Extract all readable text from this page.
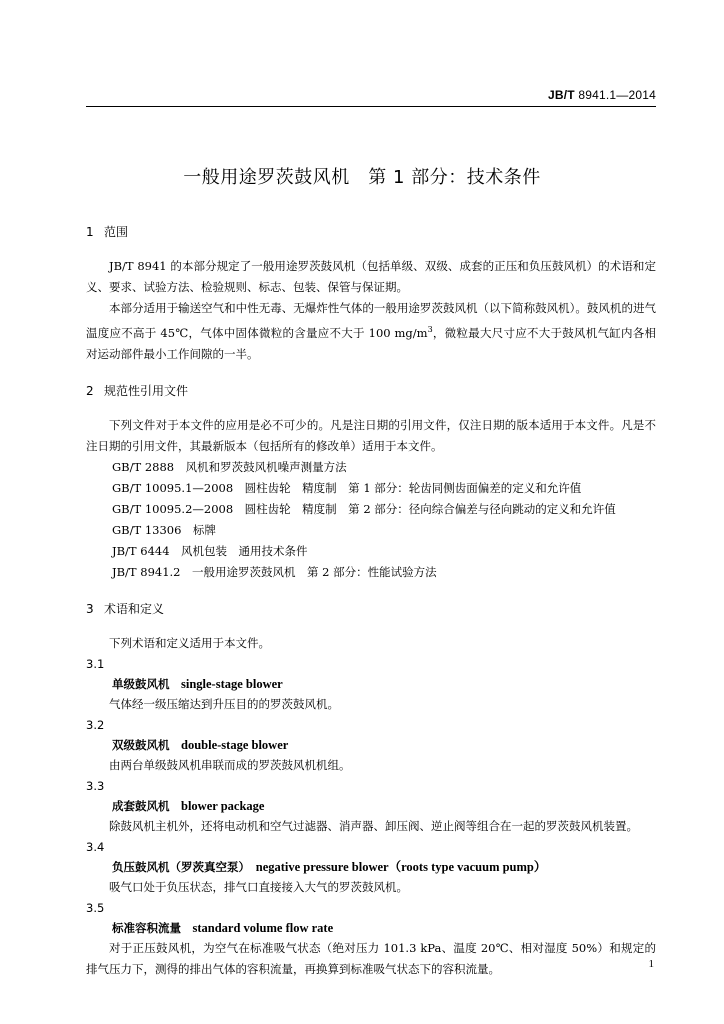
JB/T 8941.1—2014
一般用途罗茨鼓风机　第 1 部分：技术条件
1 范围

JB/T 8941 的本部分规定了一般用途罗茨鼓风机（包括单级、双级、成套的正压和负压鼓风机）的术语和定义、要求、试验方法、检验规则、标志、包装、保管与保证期。

本部分适用于输送空气和中性无毒、无爆炸性气体的一般用途罗茨鼓风机（以下简称鼓风机）。鼓风机的进气温度应不高于 45℃，气体中固体微粒的含量应不大于 100 $mg/m^3$，微粒最大尺寸应不大于鼓风机气缸内各相对运动部件最小工作间隙的一半。

2 规范性引用文件

下列文件对于本文件的应用是必不可少的。凡是注日期的引用文件，仅注日期的版本适用于本文件。凡是不注日期的引用文件，其最新版本（包括所有的修改单）适用于本文件。

GB/T 2888　风机和罗茨鼓风机噪声测量方法
GB/T 10095.1—2008　圆柱齿轮　精度制　第 1 部分：轮齿同侧齿面偏差的定义和允许值
GB/T 10095.2—2008　圆柱齿轮　精度制　第 2 部分：径向综合偏差与径向跳动的定义和允许值
GB/T 13306　标牌
JB/T 6444　风机包装　通用技术条件
JB/T 8941.2　一般用途罗茨鼓风机　第 2 部分：性能试验方法
3 术语和定义

下列术语和定义适用于本文件。

3.1
单级鼓风机　 single-stage blower

气体经一级压缩达到升压目的的罗茨鼓风机。

3.2
双级鼓风机　 double-stage blower

由两台单级鼓风机串联而成的罗茨鼓风机机组。

3.3
成套鼓风机　 blower package

除鼓风机主机外，还将电动机和空气过滤器、消声器、卸压阀、逆止阀等组合在一起的罗茨鼓风机装置。

3.4
负压鼓风机（罗茨真空泵）　 negative pressure blower（roots type vacuum pump）

吸气口处于负压状态，排气口直接接入大气的罗茨鼓风机。

3.5
标准容积流量　 standard volume flow rate

对于正压鼓风机，为空气在标准吸气状态（绝对压力 101.3 kPa、温度 20℃、相对湿度 50%）和规定的排气压力下，测得的排出气体的容积流量，再换算到标准吸气状态下的容积流量。	1
